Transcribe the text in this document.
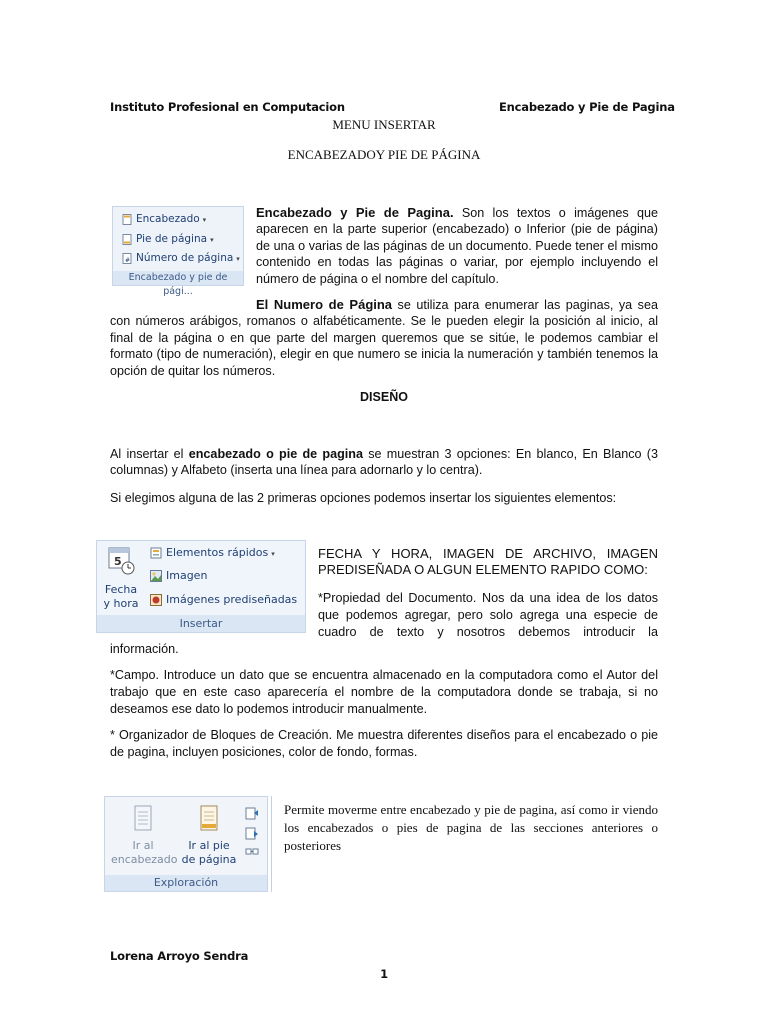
Instituto Profesional en Computacion	Encabezado y Pie de Pagina
MENU INSERTAR
ENCABEZADOY PIE DE PÁGINA
Encabezado ▾
Pie de página ▾
# Número de página ▾
Encabezado y pie de pági...

Encabezado y Pie de Pagina. Son los textos o imágenes que aparecen en la parte superior (encabezado) o Inferior (pie de página) de una o varias de las páginas de un documento. Puede tener el mismo contenido en todas las páginas o variar, por ejemplo incluyendo el número de página o el nombre del capítulo.

El Numero de Página se utiliza para enumerar las paginas, ya sea con números arábigos, romanos o alfabéticamente. Se le pueden elegir la posición al inicio, al final de la página o en que parte del margen queremos que se sitúe, le podemos cambiar el formato (tipo de numeración), elegir en que numero se inicia la numeración y también tenemos la opción de quitar los números.

DISEÑO

Al insertar el encabezado o pie de pagina se muestran 3 opciones: En blanco, En Blanco (3 columnas) y Alfabeto (inserta una línea para adornarlo y lo centra).

Si elegimos alguna de las 2 primeras opciones podemos insertar los siguientes elementos:
5
Fecha
y hora
Elementos rápidos ▾
Imagen
Imágenes prediseñadas
Insertar
FECHA Y HORA, IMAGEN DE ARCHIVO, IMAGEN PREDISEÑADA O ALGUN ELEMENTO RAPIDO COMO:

*Propiedad del Documento. Nos da una idea de los datos que podemos agregar, pero solo agrega una especie de cuadro de texto y nosotros debemos introducir la información.

*Campo. Introduce un dato que se encuentra almacenado en la computadora como el Autor del trabajo que en este caso aparecería el nombre de la computadora donde se trabaja, si no deseamos ese dato lo podemos introducir manualmente.
* Organizador de Bloques de Creación. Me muestra diferentes diseños para el encabezado o pie de pagina, incluyen posiciones, color de fondo, formas.
Ir al
encabezado
Ir al pie
de página
Exploración
Permite moverme entre encabezado y pie de pagina, así como ir viendo los encabezados o pies de pagina de las secciones anteriores o posteriores
Lorena Arroyo Sendra
1
